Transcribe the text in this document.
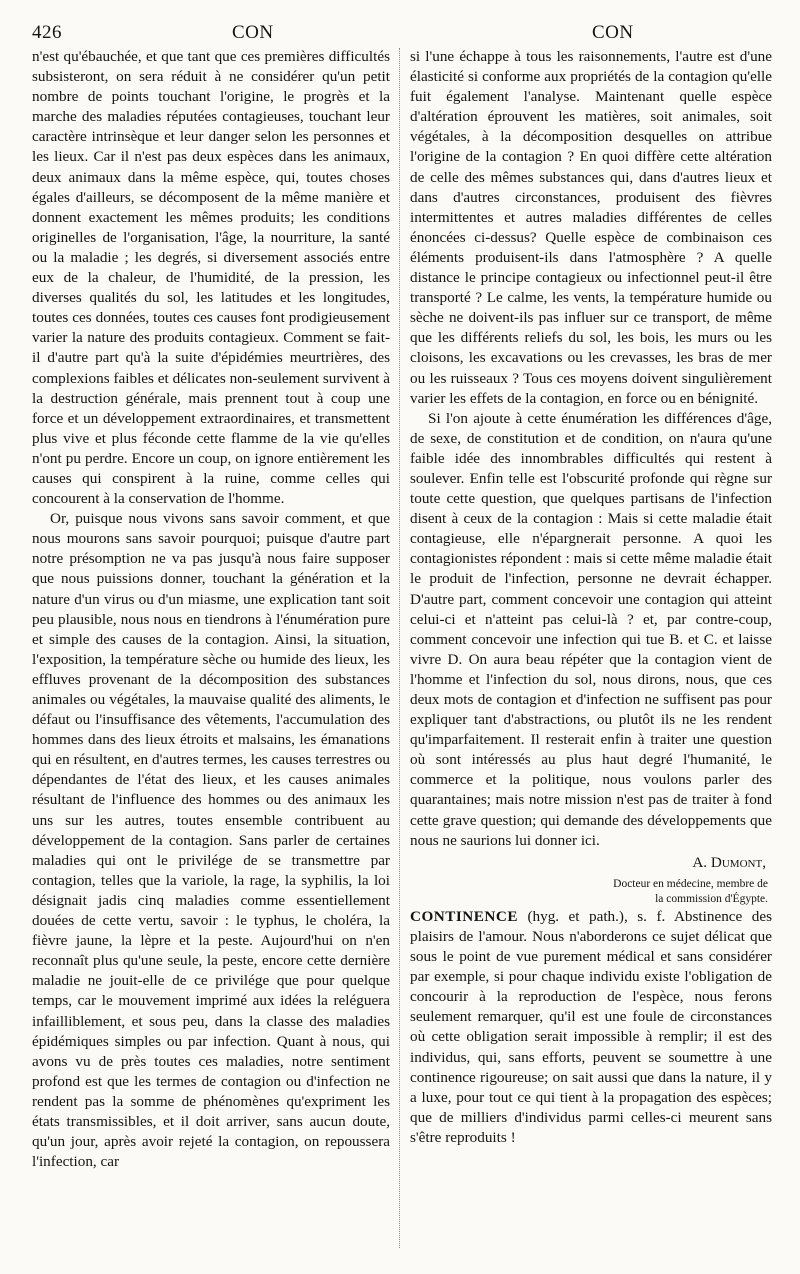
426	CON	CON

n'est qu'ébauchée, et que tant que ces premières difficultés subsisteront, on sera réduit à ne considérer qu'un petit nombre de points touchant l'origine, le progrès et la marche des maladies réputées contagieuses, touchant leur caractère intrinsèque et leur danger selon les personnes et les lieux. Car il n'est pas deux espèces dans les animaux, deux animaux dans la même espèce, qui, toutes choses égales d'ailleurs, se décomposent de la même manière et donnent exactement les mêmes produits; les conditions originelles de l'organisation, l'âge, la nourriture, la santé ou la maladie ; les degrés, si diversement associés entre eux de la chaleur, de l'humidité, de la pression, les diverses qualités du sol, les latitudes et les longitudes, toutes ces données, toutes ces causes font prodigieusement varier la nature des produits contagieux. Comment se fait-il d'autre part qu'à la suite d'épidémies meurtrières, des complexions faibles et délicates non-seulement survivent à la destruction générale, mais prennent tout à coup une force et un développement extraordinaires, et transmettent plus vive et plus féconde cette flamme de la vie qu'elles n'ont pu perdre. Encore un coup, on ignore entièrement les causes qui conspirent à la ruine, comme celles qui concourent à la conservation de l'homme.

Or, puisque nous vivons sans savoir comment, et que nous mourons sans savoir pourquoi; puisque d'autre part notre présomption ne va pas jusqu'à nous faire supposer que nous puissions donner, touchant la génération et la nature d'un virus ou d'un miasme, une explication tant soit peu plausible, nous nous en tiendrons à l'énumération pure et simple des causes de la contagion. Ainsi, la situation, l'exposition, la température sèche ou humide des lieux, les effluves provenant de la décomposition des substances animales ou végétales, la mauvaise qualité des aliments, le défaut ou l'insuffisance des vêtements, l'accumulation des hommes dans des lieux étroits et malsains, les émanations qui en résultent, en d'autres termes, les causes terrestres ou dépendantes de l'état des lieux, et les causes animales résultant de l'influence des hommes ou des animaux les uns sur les autres, toutes ensemble contribuent au développement de la contagion. Sans parler de certaines maladies qui ont le privilége de se transmettre par contagion, telles que la variole, la rage, la syphilis, la loi désignait jadis cinq maladies comme essentiellement douées de cette vertu, savoir : le typhus, le choléra, la fièvre jaune, la lèpre et la peste. Aujourd'hui on n'en reconnaît plus qu'une seule, la peste, encore cette dernière maladie ne jouit-elle de ce privilége que pour quelque temps, car le mouvement imprimé aux idées la reléguera infailliblement, et sous peu, dans la classe des maladies épidémiques simples ou par infection. Quant à nous, qui avons vu de près toutes ces maladies, notre sentiment profond est que les termes de contagion ou d'infection ne rendent pas la somme de phénomènes qu'expriment les états transmissibles, et il doit arriver, sans aucun doute, qu'un jour, après avoir rejeté la contagion, on repoussera l'infection, car

si l'une échappe à tous les raisonnements, l'autre est d'une élasticité si conforme aux propriétés de la contagion qu'elle fuit également l'analyse. Maintenant quelle espèce d'altération éprouvent les matières, soit animales, soit végétales, à la décomposition desquelles on attribue l'origine de la contagion ? En quoi diffère cette altération de celle des mêmes substances qui, dans d'autres lieux et dans d'autres circonstances, produisent des fièvres intermittentes et autres maladies différentes de celles énoncées ci-dessus? Quelle espèce de combinaison ces éléments produisent-ils dans l'atmosphère ? A quelle distance le principe contagieux ou infectionnel peut-il être transporté ? Le calme, les vents, la température humide ou sèche ne doivent-ils pas influer sur ce transport, de même que les différents reliefs du sol, les bois, les murs ou les cloisons, les excavations ou les crevasses, les bras de mer ou les ruisseaux ? Tous ces moyens doivent singulièrement varier les effets de la contagion, en force ou en bénignité.

Si l'on ajoute à cette énumération les différences d'âge, de sexe, de constitution et de condition, on n'aura qu'une faible idée des innombrables difficultés qui restent à soulever. Enfin telle est l'obscurité profonde qui règne sur toute cette question, que quelques partisans de l'infection disent à ceux de la contagion : Mais si cette maladie était contagieuse, elle n'épargnerait personne. A quoi les contagionistes répondent : mais si cette même maladie était le produit de l'infection, personne ne devrait échapper. D'autre part, comment concevoir une contagion qui atteint celui-ci et n'atteint pas celui-là ? et, par contre-coup, comment concevoir une infection qui tue B. et C. et laisse vivre D. On aura beau répéter que la contagion vient de l'homme et l'infection du sol, nous dirons, nous, que ces deux mots de contagion et d'infection ne suffisent pas pour expliquer tant d'abstractions, ou plutôt ils ne les rendent qu'imparfaitement. Il resterait enfin à traiter une question où sont intéressés au plus haut degré l'humanité, le commerce et la politique, nous voulons parler des quarantaines; mais notre mission n'est pas de traiter à fond cette grave question; qui demande des développements que nous ne saurions lui donner ici.

A. Dumont,
Docteur en médecine, membre de
la commission d'Égypte.

CONTINENCE (hyg. et path.), s. f. Abstinence des plaisirs de l'amour. Nous n'aborderons ce sujet délicat que sous le point de vue purement médical et sans considérer par exemple, si pour chaque individu existe l'obligation de concourir à la reproduction de l'espèce, nous ferons seulement remarquer, qu'il est une foule de circonstances où cette obligation serait impossible à remplir; il est des individus, qui, sans efforts, peuvent se soumettre à une continence rigoureuse; on sait aussi que dans la nature, il y a luxe, pour tout ce qui tient à la propagation des espèces; que de milliers d'individus parmi celles-ci meurent sans s'être reproduits !
